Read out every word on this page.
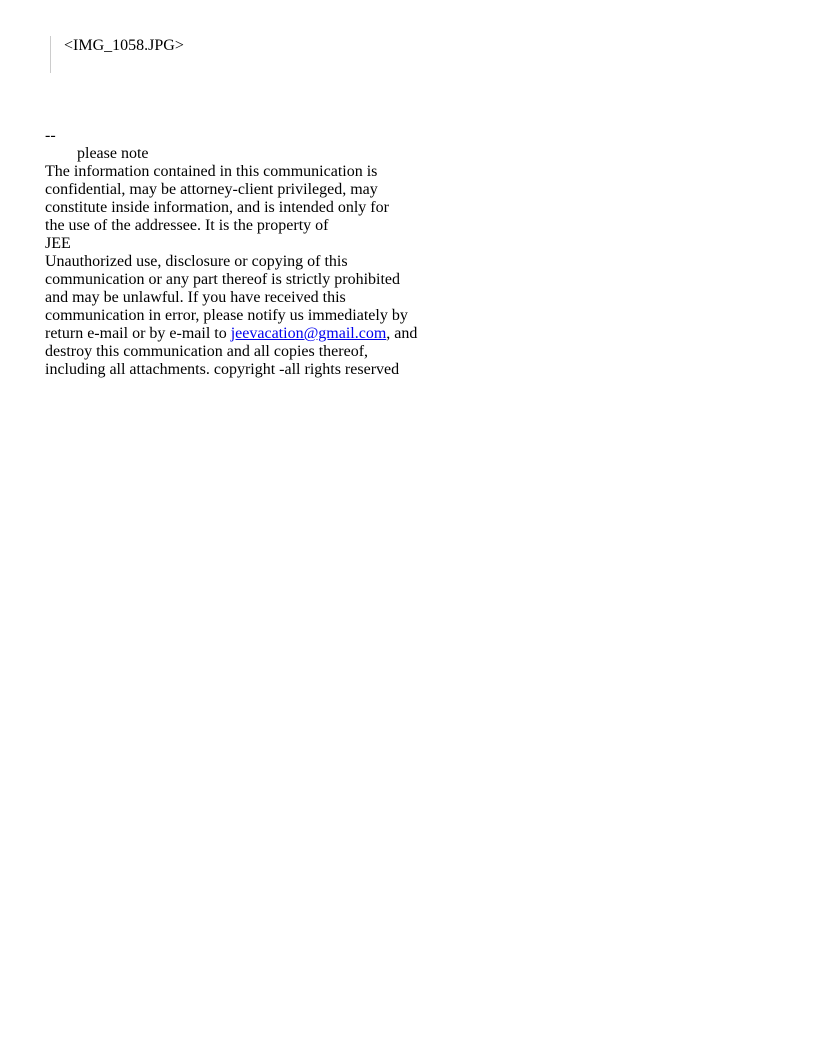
<IMG_1058.JPG>
--
please note
The information contained in this communication is
confidential, may be attorney-client privileged, may
constitute inside information, and is intended only for
the use of the addressee. It is the property of
JEE
Unauthorized use, disclosure or copying of this
communication or any part thereof is strictly prohibited
and may be unlawful. If you have received this
communication in error, please notify us immediately by
return e-mail or by e-mail to jeevacation@gmail.com, and
destroy this communication and all copies thereof,
including all attachments. copyright -all rights reserved
